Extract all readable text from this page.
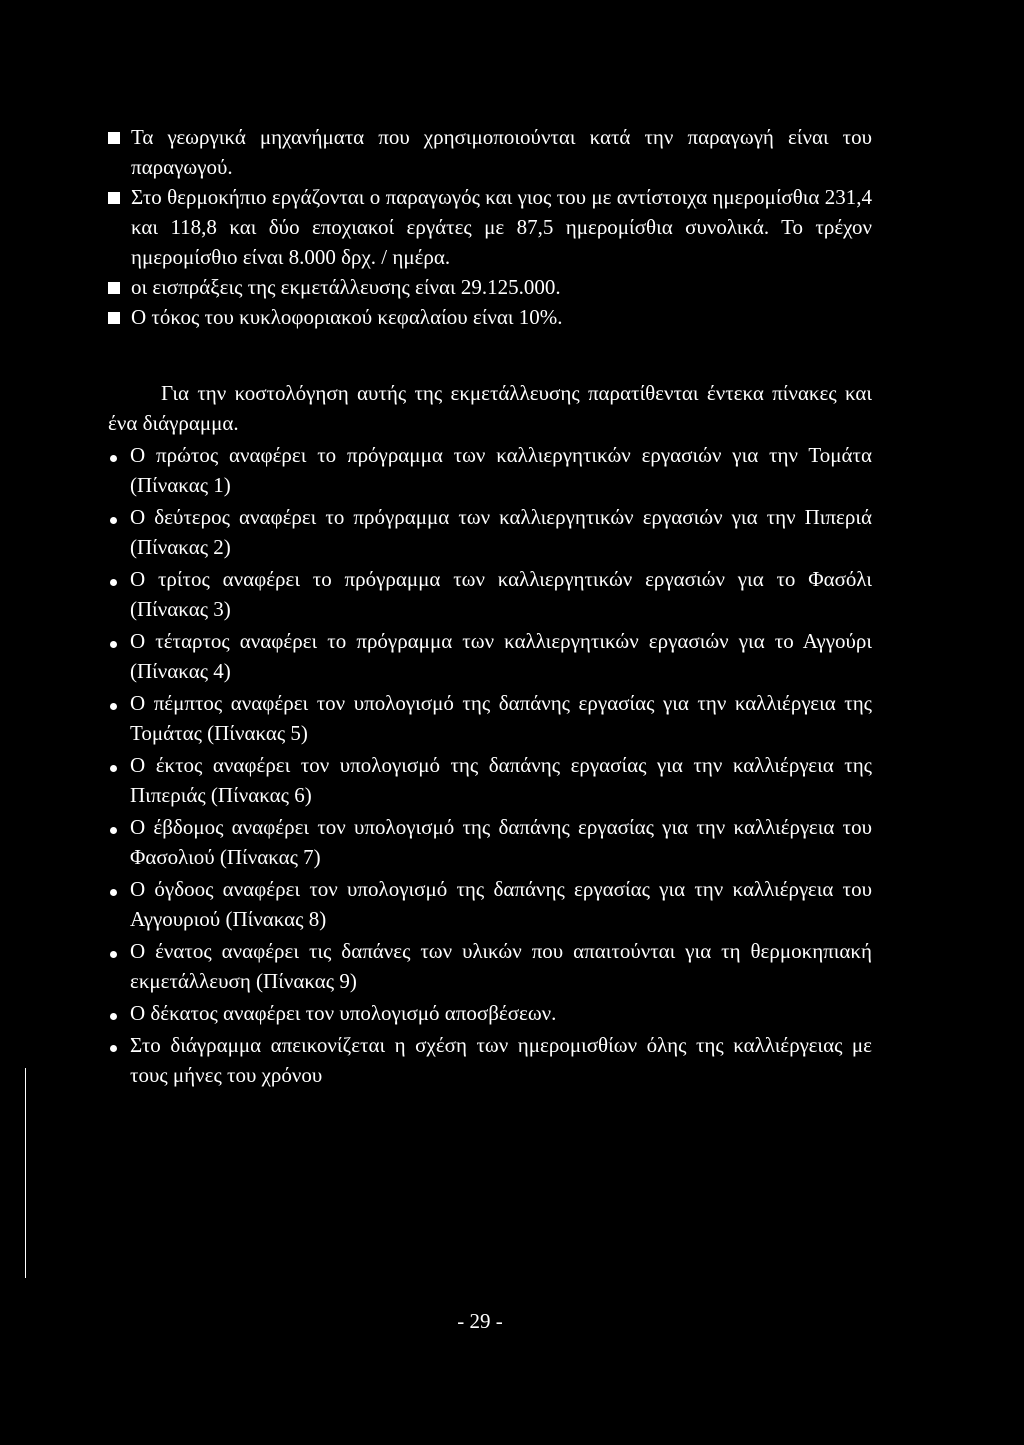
Τα γεωργικά μηχανήματα που χρησιμοποιούνται κατά την παραγωγή είναι του παραγωγού.
Στο θερμοκήπιο εργάζονται ο παραγωγός και γιος του με αντίστοιχα ημερομίσθια 231,4 και 118,8 και δύο εποχιακοί εργάτες με 87,5 ημερομίσθια συνολικά. Το τρέχον ημερομίσθιο είναι 8.000 δρχ. / ημέρα.
οι εισπράξεις της εκμετάλλευσης είναι 29.125.000.
Ο τόκος του κυκλοφοριακού κεφαλαίου είναι 10%.

Για την κοστολόγηση αυτής της εκμετάλλευσης παρατίθενται έντεκα πίνακες και ένα διάγραμμα.

Ο πρώτος αναφέρει το πρόγραμμα των καλλιεργητικών εργασιών για την Τομάτα (Πίνακας 1)
Ο δεύτερος αναφέρει το πρόγραμμα των καλλιεργητικών εργασιών για την Πιπεριά (Πίνακας 2)
Ο τρίτος αναφέρει το πρόγραμμα των καλλιεργητικών εργασιών για το Φασόλι (Πίνακας 3)
Ο τέταρτος αναφέρει το πρόγραμμα των καλλιεργητικών εργασιών για το Αγγούρι (Πίνακας 4)
Ο πέμπτος αναφέρει τον υπολογισμό της δαπάνης εργασίας για την καλλιέργεια της Τομάτας (Πίνακας 5)
Ο έκτος αναφέρει τον υπολογισμό της δαπάνης εργασίας για την καλλιέργεια της Πιπεριάς (Πίνακας 6)
Ο έβδομος αναφέρει τον υπολογισμό της δαπάνης εργασίας για την καλλιέργεια του Φασολιού (Πίνακας 7)
Ο όγδοος αναφέρει τον υπολογισμό της δαπάνης εργασίας για την καλλιέργεια του Αγγουριού (Πίνακας 8)
Ο ένατος αναφέρει τις δαπάνες των υλικών που απαιτούνται για τη θερμοκηπιακή εκμετάλλευση (Πίνακας 9)
Ο δέκατος αναφέρει τον υπολογισμό αποσβέσεων.
Στο διάγραμμα απεικονίζεται η σχέση των ημερομισθίων όλης της καλλιέργειας με τους μήνες του χρόνου
- 29 -
